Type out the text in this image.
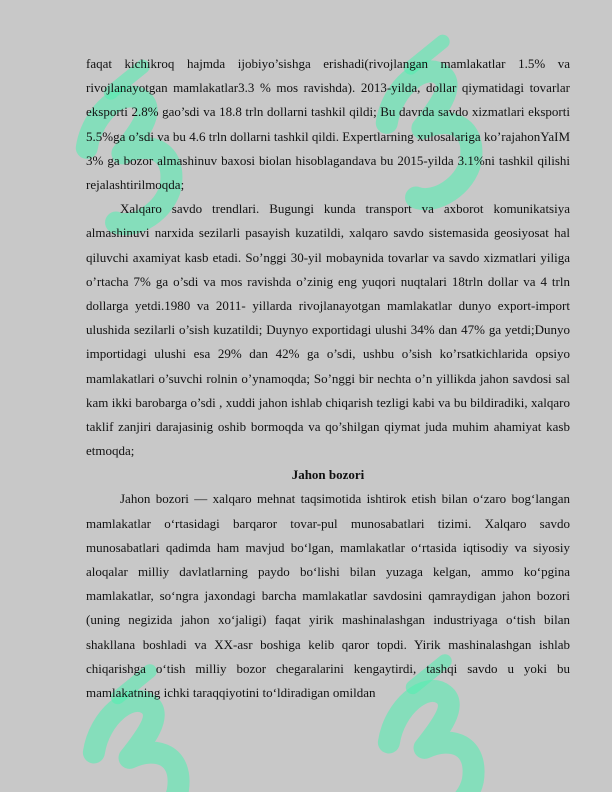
faqat kichikroq hajmda ijobiyo’sishga erishadi(rivojlangan mamlakatlar 1.5% va rivojlanayotgan mamlakatlar3.3 % mos ravishda). 2013-yilda, dollar qiymatidagi tovarlar eksporti 2.8% gao’sdi va 18.8 trln dollarni tashkil qildi; Bu davrda savdo xizmatlari eksporti 5.5%ga o’sdi va bu 4.6 trln dollarni tashkil qildi. Expertlarning xulosalariga ko’rajahonYaIM 3% ga bozor almashinuv baxosi biolan hisoblagandava bu 2015-yilda 3.1%ni tashkil qilishi rejalashtirilmoqda;

Xalqaro savdo trendlari. Bugungi kunda transport va axborot komunikatsiya almashinuvi narxida sezilarli pasayish kuzatildi, xalqaro savdo sistemasida geosiyosat hal qiluvchi axamiyat kasb etadi. So’nggi 30-yil mobaynida tovarlar va savdo xizmatlari yiliga o’rtacha 7% ga o’sdi va mos ravishda o’zinig eng yuqori nuqtalari 18trln dollar va 4 trln dollarga yetdi.1980 va 2011- yillarda rivojlanayotgan mamlakatlar dunyo export-import ulushida sezilarli o’sish kuzatildi; Duynyo exportidagi ulushi 34% dan 47% ga yetdi;Dunyo importidagi ulushi esa 29% dan 42% ga o’sdi, ushbu o’sish ko’rsatkichlarida opsiyo mamlakatlari o’suvchi rolnin o’ynamoqda; So’nggi bir nechta o’n yillikda jahon savdosi sal kam ikki barobarga o’sdi , xuddi jahon ishlab chiqarish tezligi kabi va bu bildiradiki, xalqaro taklif zanjiri darajasinig oshib bormoqda va qo’shilgan qiymat juda muhim ahamiyat kasb etmoqda;

Jahon bozori

Jahon bozori — xalqaro mehnat taqsimotida ishtirok etish bilan oʻzaro bogʻlangan mamlakatlar oʻrtasidagi barqaror tovar-pul munosabatlari tizimi. Xalqaro savdo munosabatlari qadimda ham mavjud boʻlgan, mamlakatlar oʻrtasida iqtisodiy va siyosiy aloqalar milliy davlatlarning paydo boʻlishi bilan yuzaga kelgan, ammo koʻpgina mamlakatlar, soʻngra jaxondagi barcha mamlakatlar savdosini qamraydigan jahon bozori (uning negizida jahon xoʻjaligi) faqat yirik mashinalashgan industriyaga oʻtish bilan shakllana boshladi va XX-asr boshiga kelib qaror topdi. Yirik mashinalashgan ishlab chiqarishga oʻtish milliy bozor chegaralarini kengaytirdi, tashqi savdo u yoki bu mamlakatning ichki taraqqiyotini toʻldiradigan omildan
